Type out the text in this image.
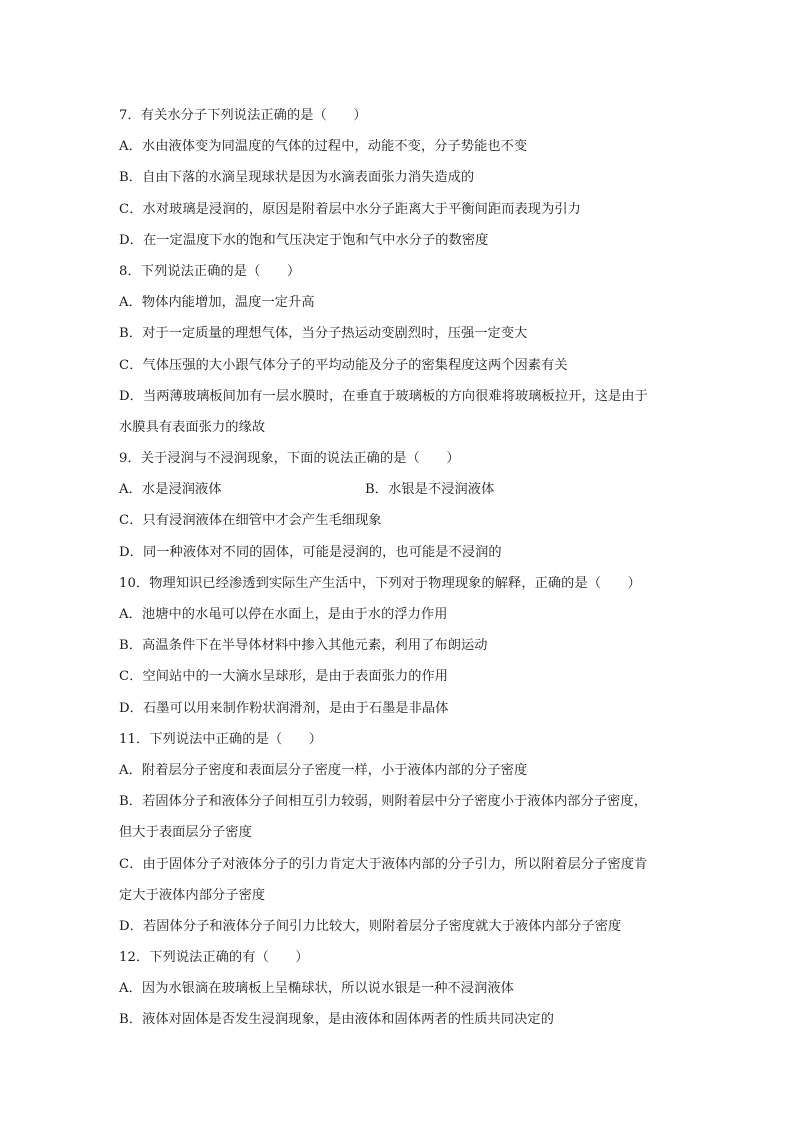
7．有关水分子下列说法正确的是（　　）
A．水由液体变为同温度的气体的过程中，动能不变，分子势能也不变
B．自由下落的水滴呈现球状是因为水滴表面张力消失造成的
C．水对玻璃是浸润的，原因是附着层中水分子距离大于平衡间距而表现为引力
D．在一定温度下水的饱和气压决定于饱和气中水分子的数密度
8．下列说法正确的是（　　）
A．物体内能增加，温度一定升高
B．对于一定质量的理想气体，当分子热运动变剧烈时，压强一定变大
C．气体压强的大小跟气体分子的平均动能及分子的密集程度这两个因素有关
D．当两薄玻璃板间加有一层水膜时，在垂直于玻璃板的方向很难将玻璃板拉开，这是由于
水膜具有表面张力的缘故
9．关于浸润与不浸润现象，下面的说法正确的是（　　）
A．水是浸润液体	B．水银是不浸润液体
C．只有浸润液体在细管中才会产生毛细现象
D．同一种液体对不同的固体，可能是浸润的，也可能是不浸润的
10．物理知识已经渗透到实际生产生活中，下列对于物理现象的解释，正确的是（　　）
A．池塘中的水黾可以停在水面上，是由于水的浮力作用
B．高温条件下在半导体材料中掺入其他元素，利用了布朗运动
C．空间站中的一大滴水呈球形，是由于表面张力的作用
D．石墨可以用来制作粉状润滑剂，是由于石墨是非晶体
11．下列说法中正确的是（　　）
A．附着层分子密度和表面层分子密度一样，小于液体内部的分子密度
B．若固体分子和液体分子间相互引力较弱，则附着层中分子密度小于液体内部分子密度，
但大于表面层分子密度
C．由于固体分子对液体分子的引力肯定大于液体内部的分子引力，所以附着层分子密度肯
定大于液体内部分子密度
D．若固体分子和液体分子间引力比较大，则附着层分子密度就大于液体内部分子密度
12．下列说法正确的有（　　）
A．因为水银滴在玻璃板上呈椭球状，所以说水银是一种不浸润液体
B．液体对固体是否发生浸润现象，是由液体和固体两者的性质共同决定的
